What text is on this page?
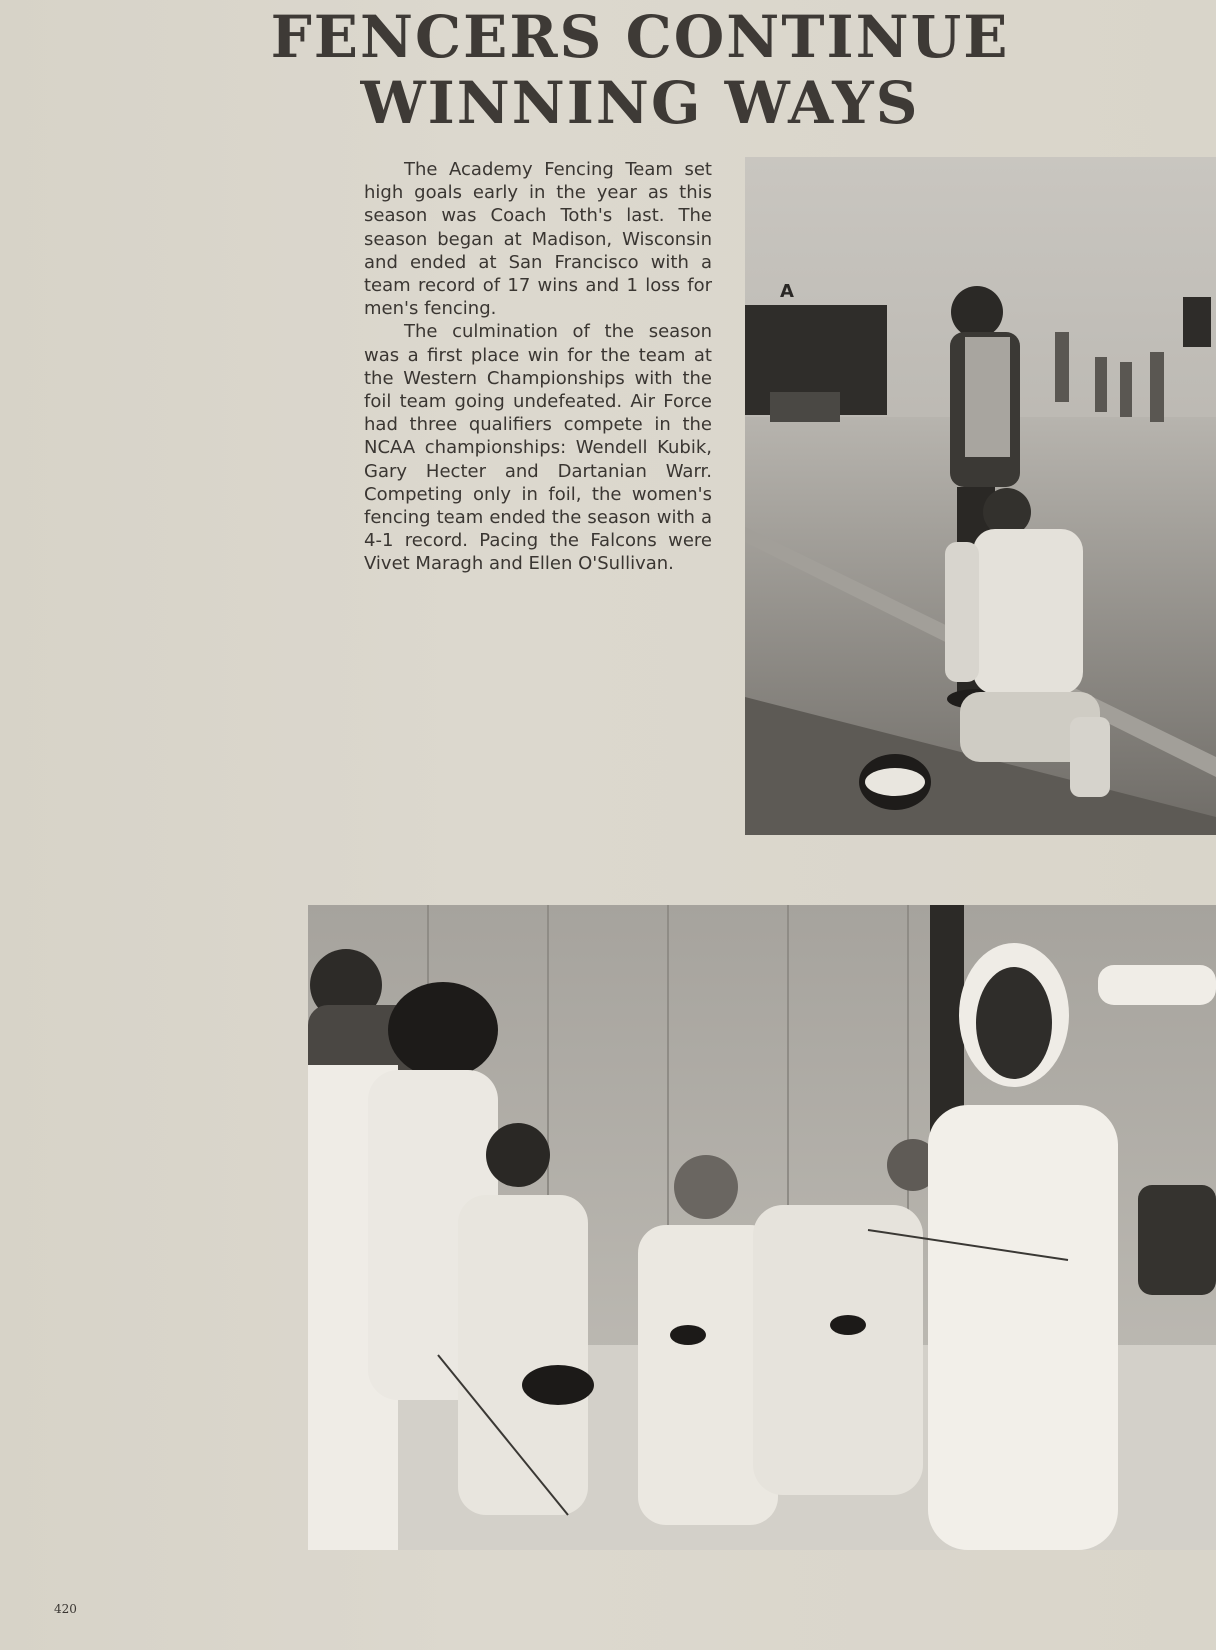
FENCERS CONTINUE WINNING WAYS

The Academy Fencing Team set high goals early in the year as this season was Coach Toth's last. The season began at Madison, Wisconsin and ended at San Francisco with a team record of 17 wins and 1 loss for men's fencing.

The culmination of the season was a first place win for the team at the Western Championships with the foil team going undefeated. Air Force had three qualifiers compete in the NCAA championships: Wendell Kubik, Gary Hecter and Dartanian Warr. Competing only in foil, the women's fencing team ended the season with a 4-1 record. Pacing the Falcons were Vivet Maragh and Ellen O'Sullivan.

A
420
